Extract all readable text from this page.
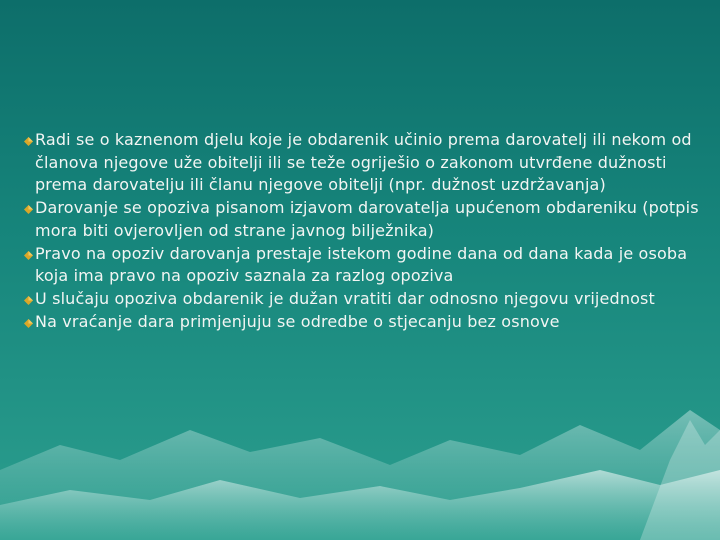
Radi se o kaznenom djelu koje je obdarenik učinio prema darovatelj ili nekom od članova njegove uže obitelji ili se teže ogriješio o zakonom utvrđene dužnosti prema darovatelju ili članu njegove obitelji (npr. dužnost uzdržavanja)
Darovanje se opoziva pisanom izjavom darovatelja upućenom obdareniku (potpis mora biti ovjerovljen od strane javnog bilježnika)
Pravo na opoziv darovanja prestaje istekom godine dana od dana kada je osoba koja ima pravo na opoziv saznala za razlog opoziva
U slučaju opoziva obdarenik je dužan vratiti dar odnosno njegovu vrijednost
Na vraćanje dara primjenjuju se odredbe o stjecanju bez osnove
